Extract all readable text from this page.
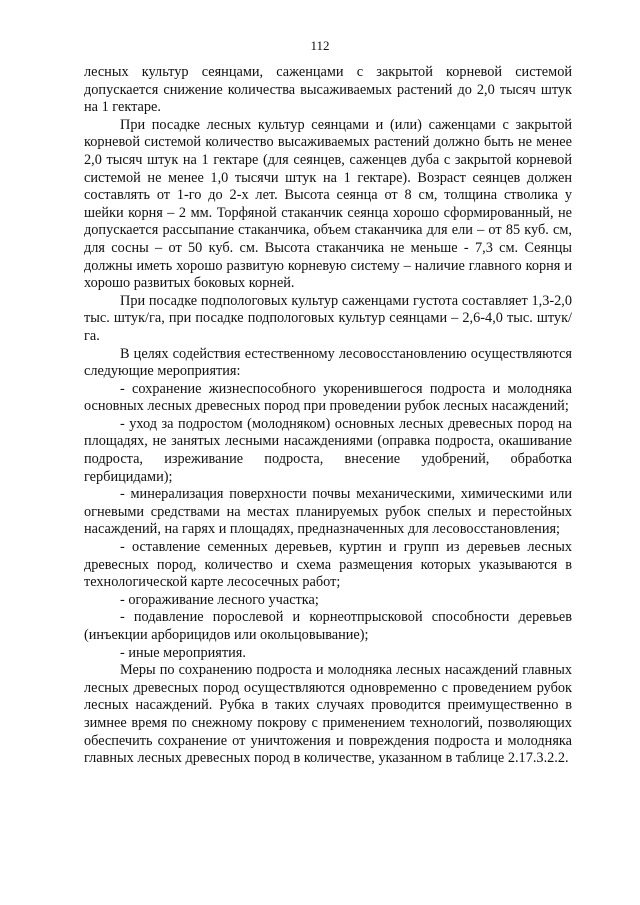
112

лесных культур сеянцами, саженцами с закрытой корневой системой допускается снижение количества высаживаемых растений до 2,0 тысяч штук на 1 гектаре.

При посадке лесных культур сеянцами и (или) саженцами с закрытой корневой системой количество высаживаемых растений должно быть не менее 2,0 тысяч штук на 1 гектаре (для сеянцев, саженцев дуба с закрытой корневой системой не менее 1,0 тысячи штук на 1 гектаре). Возраст сеянцев должен составлять от 1-го до 2-х лет. Высота сеянца от 8 см, толщина стволика у шейки корня – 2 мм. Торфяной стаканчик сеянца хорошо сформированный, не допускается рассыпание стаканчика, объем стаканчика для ели – от 85 куб. см, для сосны – от 50 куб. см. Высота стаканчика не меньше - 7,3 см. Сеянцы должны иметь хорошо развитую корневую систему – наличие главного корня и хорошо развитых боковых корней.

При посадке подпологовых культур саженцами густота составляет 1,3-2,0 тыс. штук/га, при посадке подпологовых культур сеянцами – 2,6-4,0 тыс. штук/га.

В целях содействия естественному лесовосстановлению осуществляются следующие мероприятия:

- сохранение жизнеспособного укоренившегося подроста и молодняка основных лесных древесных пород при проведении рубок лесных насаждений;

- уход за подростом (молодняком) основных лесных древесных пород на площадях, не занятых лесными насаждениями (оправка подроста, окашивание подроста, изреживание подроста, внесение удобрений, обработка гербицидами);

- минерализация поверхности почвы механическими, химическими или огневыми средствами на местах планируемых рубок спелых и перестойных насаждений, на гарях и площадях, предназначенных для лесовосстановления;

- оставление семенных деревьев, куртин и групп из деревьев лесных древесных пород, количество и схема размещения которых указываются в технологической карте лесосечных работ;

- огораживание лесного участка;

- подавление порослевой и корнеотпрысковой способности деревьев (инъекции арборицидов или окольцовывание);

- иные мероприятия.

Меры по сохранению подроста и молодняка лесных насаждений главных лесных древесных пород осуществляются одновременно с проведением рубок лесных насаждений. Рубка в таких случаях проводится преимущественно в зимнее время по снежному покрову с применением технологий, позволяющих обеспечить сохранение от уничтожения и повреждения подроста и молодняка главных лесных древесных пород в количестве, указанном в таблице 2.17.3.2.2.
